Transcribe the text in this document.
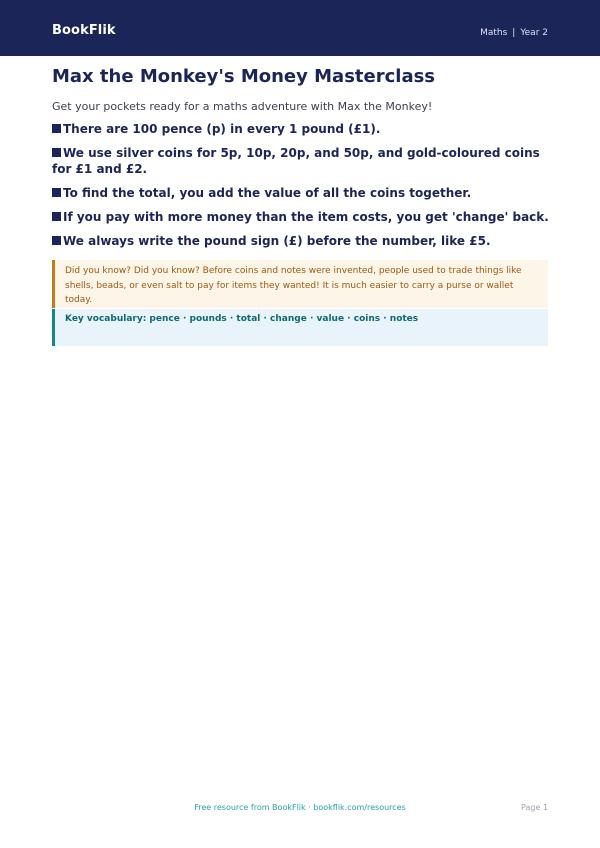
BookFlik	Maths | Year 2
Max the Monkey's Money Masterclass
Get your pockets ready for a maths adventure with Max the Monkey!
There are 100 pence (p) in every 1 pound (£1).
We use silver coins for 5p, 10p, 20p, and 50p, and gold-coloured coins for £1 and £2.
To find the total, you add the value of all the coins together.
If you pay with more money than the item costs, you get 'change' back.
We always write the pound sign (£) before the number, like £5.
Did you know? Did you know? Before coins and notes were invented, people used to trade things like shells, beads, or even salt to pay for items they wanted! It is much easier to carry a purse or wallet today.
Key vocabulary: pence · pounds · total · change · value · coins · notes
Free resource from BookFlik · bookflik.com/resources	Page 1
